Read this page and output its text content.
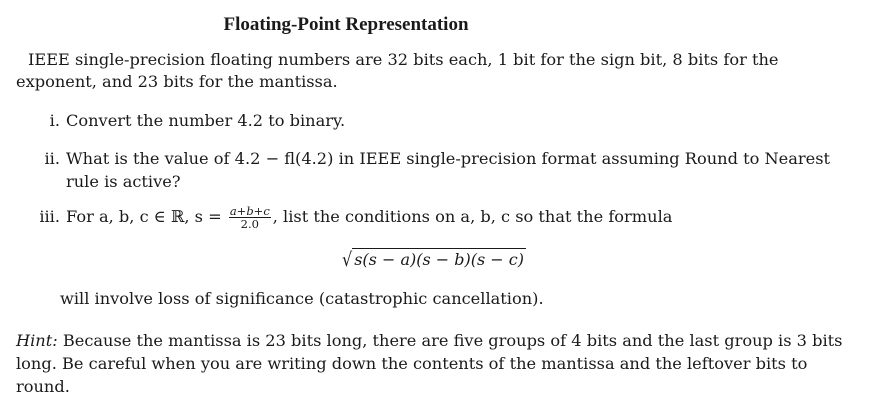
Floating-Point Representation
IEEE single-precision floating numbers are 32 bits each, 1 bit for the sign bit, 8 bits for the exponent, and 23 bits for the mantissa.
i. Convert the number 4.2 to binary.
ii. What is the value of 4.2 − fl(4.2) in IEEE single-precision format assuming Round to Nearest
rule is active?
iii. For a, b, c ∈ ℝ, $s = \frac{a+b+c}{2.0}$ , list the conditions on a, b, c so that the formula
√ s(s − a)(s − b)(s − c)
will involve loss of significance (catastrophic cancellation).
Hint: Because the mantissa is 23 bits long, there are five groups of 4 bits and the last group is 3 bits long. Be careful when you are writing down the contents of the mantissa and the leftover bits to round.
